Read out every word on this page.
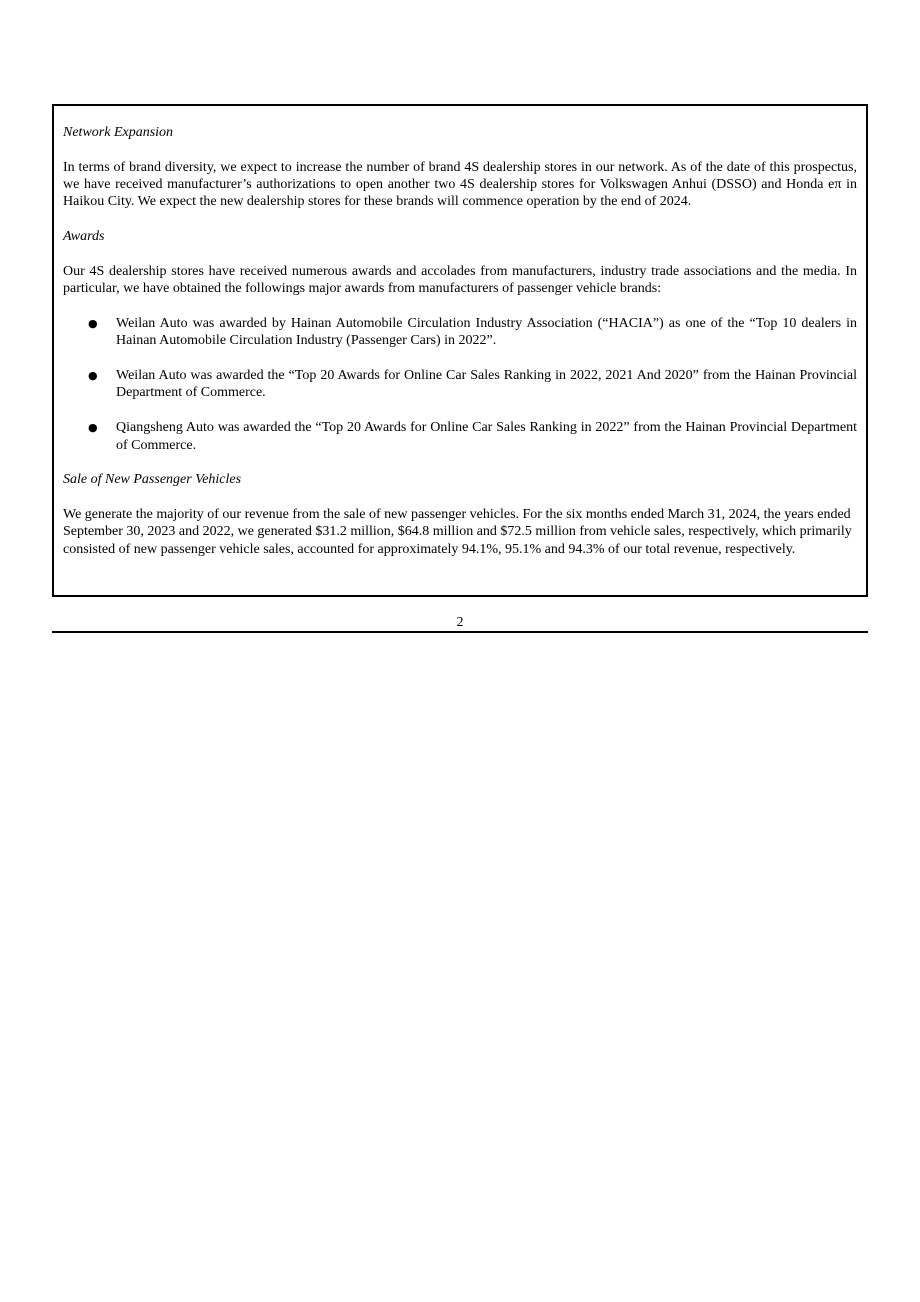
Network Expansion

In terms of brand diversity, we expect to increase the number of brand 4S dealership stores in our network. As of the date of this prospectus, we have received manufacturer’s authorizations to open another two 4S dealership stores for Volkswagen Anhui (DSSO) and Honda eπ in Haikou City. We expect the new dealership stores for these brands will commence operation by the end of 2024.

Awards

Our 4S dealership stores have received numerous awards and accolades from manufacturers, industry trade associations and the media. In particular, we have obtained the followings major awards from manufacturers of passenger vehicle brands:

● Weilan Auto was awarded by Hainan Automobile Circulation Industry Association (“HACIA”) as one of the “Top 10 dealers in Hainan Automobile Circulation Industry (Passenger Cars) in 2022”.
● Weilan Auto was awarded the “Top 20 Awards for Online Car Sales Ranking in 2022, 2021 And 2020” from the Hainan Provincial Department of Commerce.
● Qiangsheng Auto was awarded the “Top 20 Awards for Online Car Sales Ranking in 2022” from the Hainan Provincial Department of Commerce.

Sale of New Passenger Vehicles

We generate the majority of our revenue from the sale of new passenger vehicles. For the six months ended March 31, 2024, the years ended September 30, 2023 and 2022, we generated $31.2 million, $64.8 million and $72.5 million from vehicle sales, respectively, which primarily consisted of new passenger vehicle sales, accounted for approximately 94.1%, 95.1% and 94.3% of our total revenue, respectively.

2
